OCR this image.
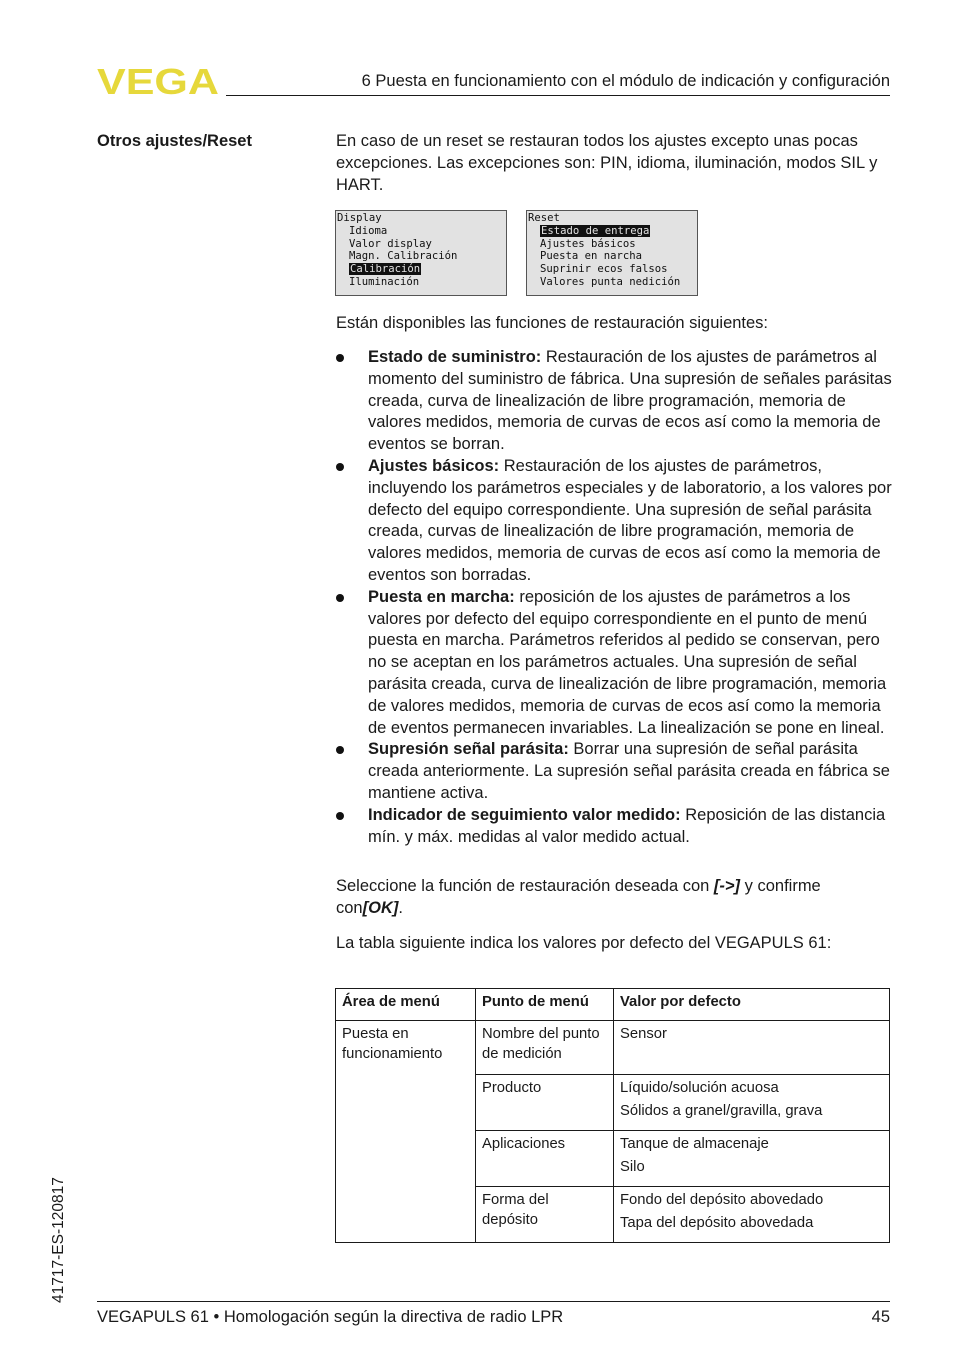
VEGA	6 Puesta en funcionamiento con el módulo de indicación y configuración
Otros ajustes/Reset	En caso de un reset se restauran todos los ajustes excepto unas pocas excepciones. Las excepciones son: PIN, idioma, iluminación, modos SIL y HART.
Display
Idioma
Valor display
Magn. Calibración
Calibración
Iluminación
Reset
Estado de entrega
Ajustes básicos
Puesta en narcha
Suprinir ecos falsos
Valores punta nedición
Están disponibles las funciones de restauración siguientes:
Estado de suministro: Restauración de los ajustes de parámetros al momento del suministro de fábrica. Una supresión de señales parásitas creada, curva de linealización de libre programación, memoria de valores medidos, memoria de curvas de ecos así como la memoria de eventos se borran.
Ajustes básicos: Restauración de los ajustes de parámetros, incluyendo los parámetros especiales y de laboratorio, a los valores por defecto del equipo correspondiente. Una supresión de señal parásita creada, curvas de linealización de libre programación, memoria de valores medidos, memoria de curvas de ecos así como la memoria de eventos son borradas.
Puesta en marcha: reposición de los ajustes de parámetros a los valores por defecto del equipo correspondiente en el punto de menú puesta en marcha. Parámetros referidos al pedido se conservan, pero no se aceptan en los parámetros actuales. Una supresión de señal parásita creada, curva de linealización de libre programación, memoria de valores medidos, memoria de curvas de ecos así como la memoria de eventos permanecen invariables. La linealización se pone en lineal.
Supresión señal parásita: Borrar una supresión de señal parásita creada anteriormente. La supresión señal parásita creada en fábrica se mantiene activa.
Indicador de seguimiento valor medido: Reposición de las distancia mín. y máx. medidas al valor medido actual.
Seleccione la función de restauración deseada con [->] y confirme con[OK].
La tabla siguiente indica los valores por defecto del VEGAPULS 61:
Área de menú	Punto de menú	Valor por defecto
Puesta en funcionamiento	Nombre del punto de medición	Sensor

	Producto	Líquido/solución acuosa
Sólidos a granel/gravilla, grava

	Aplicaciones	Tanque de almacenaje
Silo

	Forma del depósito	Fondo del depósito abovedado
Tapa del depósito abovedada
41717-ES-120817
VEGAPULS 61 • Homologación según la directiva de radio LPR	45
